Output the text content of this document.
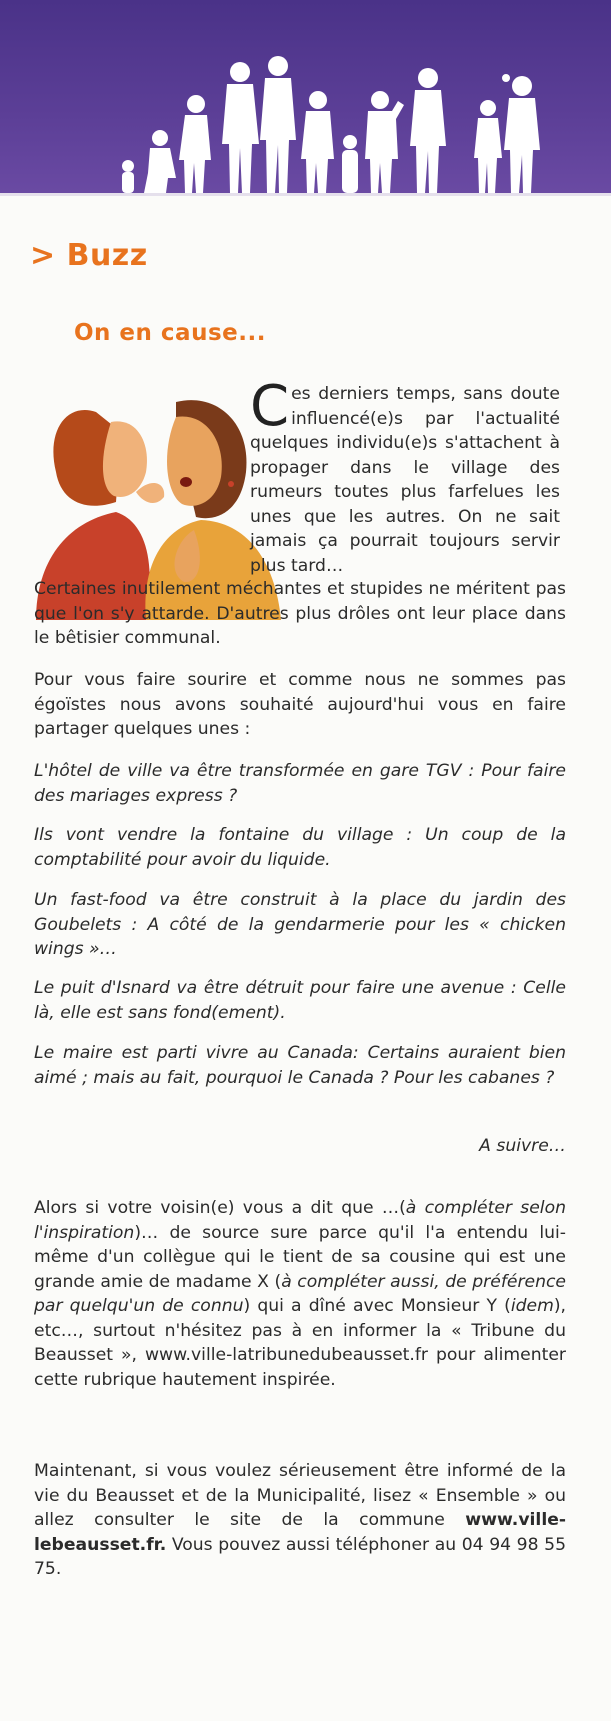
> Buzz
On en cause...

Ces derniers temps, sans doute influencé(e)s par l'actualité quelques individu(e)s s'attachent à propager dans le village des rumeurs toutes plus farfelues les unes que les autres. On ne sait jamais ça pourrait toujours servir plus tard…

Certaines inutilement méchantes et stupides ne méritent pas que l'on s'y attarde. D'autres plus drôles ont leur place dans le bêtisier communal.

Pour vous faire sourire et comme nous ne sommes pas égoïstes nous avons souhaité aujourd'hui vous en faire partager quelques unes :

L'hôtel de ville va être transformée en gare TGV : Pour faire des mariages express ?

Ils vont vendre la fontaine du village : Un coup de la comptabilité pour avoir du liquide.

Un fast-food va être construit à la place du jardin des Goubelets : A côté de la gendarmerie pour les « chicken wings »…

Le puit d'Isnard va être détruit pour faire une avenue : Celle là, elle est sans fond(ement).

Le maire est parti vivre au Canada: Certains auraient bien aimé ; mais au fait, pourquoi le Canada ? Pour les cabanes ?

A suivre…

Alors si votre voisin(e) vous a dit que …(à compléter selon l'inspiration)… de source sure parce qu'il l'a entendu lui-même d'un collègue qui le tient de sa cousine qui est une grande amie de madame X (à compléter aussi, de préférence par quelqu'un de connu) qui a dîné avec Monsieur Y (idem), etc…, surtout n'hésitez pas à en informer la « Tribune du Beausset », www.ville-latribunedubeausset.fr pour alimenter cette rubrique hautement inspirée.

Maintenant, si vous voulez sérieusement être informé de la vie du Beausset et de la Municipalité, lisez « Ensemble » ou allez consulter le site de la commune www.ville-lebeausset.fr. Vous pouvez aussi téléphoner au 04 94 98 55 75.
